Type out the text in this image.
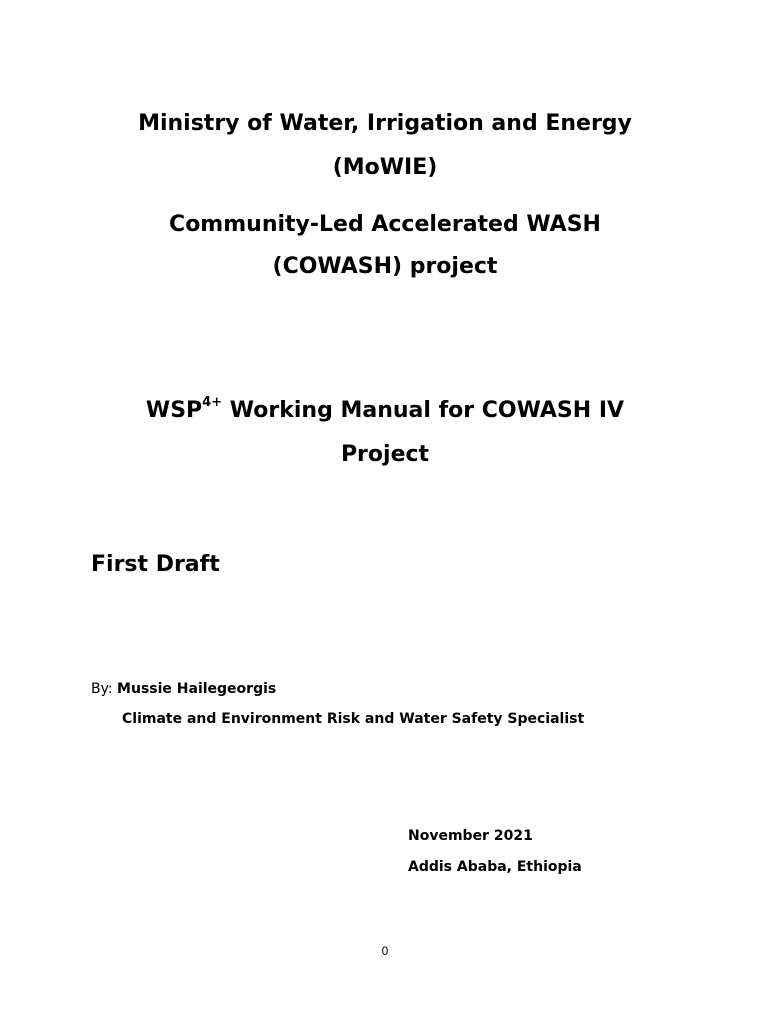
Ministry of Water, Irrigation and Energy
(MoWIE)
Community-Led Accelerated WASH
(COWASH) project
$WSP^{4+}$ Working Manual for COWASH IV
Project
First Draft
By: Mussie Hailegeorgis
Climate and Environment Risk and Water Safety Specialist
November 2021
Addis Ababa, Ethiopia
0
